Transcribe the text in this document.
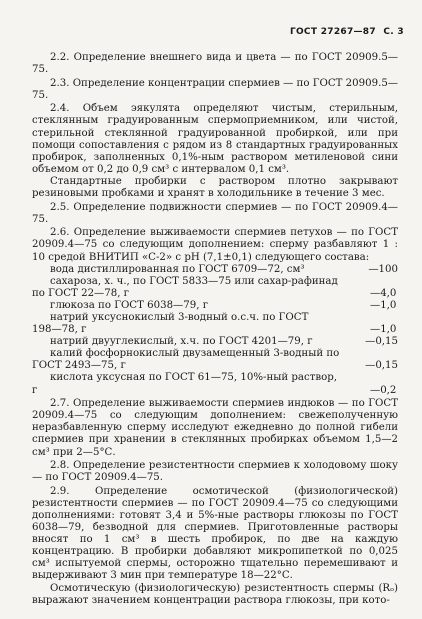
ГОСТ 27267—87 С. 3

2.2. Определение внешнего вида и цвета — по ГОСТ 20909.5—75.

2.3. Определение концентрации спермиев — по ГОСТ 20909.5—75.

2.4. Объем эякулята определяют чистым, стерильным, стеклянным градуированным спермоприемником, или чистой, стерильной стеклянной градуированной пробиркой, или при помощи сопоставления с рядом из 8 стандартных градуированных пробирок, заполненных 0,1%-ным раствором метиленовой сини объемом от 0,2 до 0,9 см³ с интервалом 0,1 см³.

Стандартные пробирки с раствором плотно закрывают резиновыми пробками и хранят в холодильнике в течение 3 мес.

2.5. Определение подвижности спермиев — по ГОСТ 20909.4—75.

2.6. Определение выживаемости спермиев петухов — по ГОСТ 20909.4—75 со следующим дополнением: сперму разбавляют 1 : 10 средой ВНИТИП «С-2» с рН (7,1±0,1) следующего состава:

вода дистиллированная по ГОСТ 6709—72, см³	—100
сахароза, х. ч., по ГОСТ 5833—75 или сахар-рафинад
по ГОСТ 22—78, г	—4,0
глюкоза по ГОСТ 6038—79, г	—1,0
натрий уксуснокислый 3-водный о.с.ч. по ГОСТ
198—78, г	—1,0
натрий двууглекислый, х.ч. по ГОСТ 4201—79, г	—0,15
калий фосфорнокислый двузамещенный 3-водный по
ГОСТ 2493—75, г	—0,15
кислота уксусная по ГОСТ 61—75, 10%-ный раствор,
г	—0,2

2.7. Определение выживаемости спермиев индюков — по ГОСТ 20909.4—75 со следующим дополнением: свежеполученную неразбавленную сперму исследуют ежедневно до полной гибели спермиев при хранении в стеклянных пробирках объемом 1,5—2 см³ при 2—5°С.

2.8. Определение резистентности спермиев к холодовому шоку — по ГОСТ 20909.4—75.

2.9. Определение осмотической (физиологической) резистентности спермиев — по ГОСТ 20909.4—75 со следующими дополнениями: готовят 3,4 и 5%-ные растворы глюкозы по ГОСТ 6038—79, безводной для спермиев. Приготовленные растворы вносят по 1 см³ в шесть пробирок, по две на каждую концентрацию. В пробирки добавляют микропипеткой по 0,025 см³ испытуемой спермы, осторожно тщательно перемешивают и выдерживают 3 мин при температуре 18—22°С.

Осмотическую (физиологическую) резистентность спермы (Rₒ) выражают значением концентрации раствора глюкозы, при кото-
